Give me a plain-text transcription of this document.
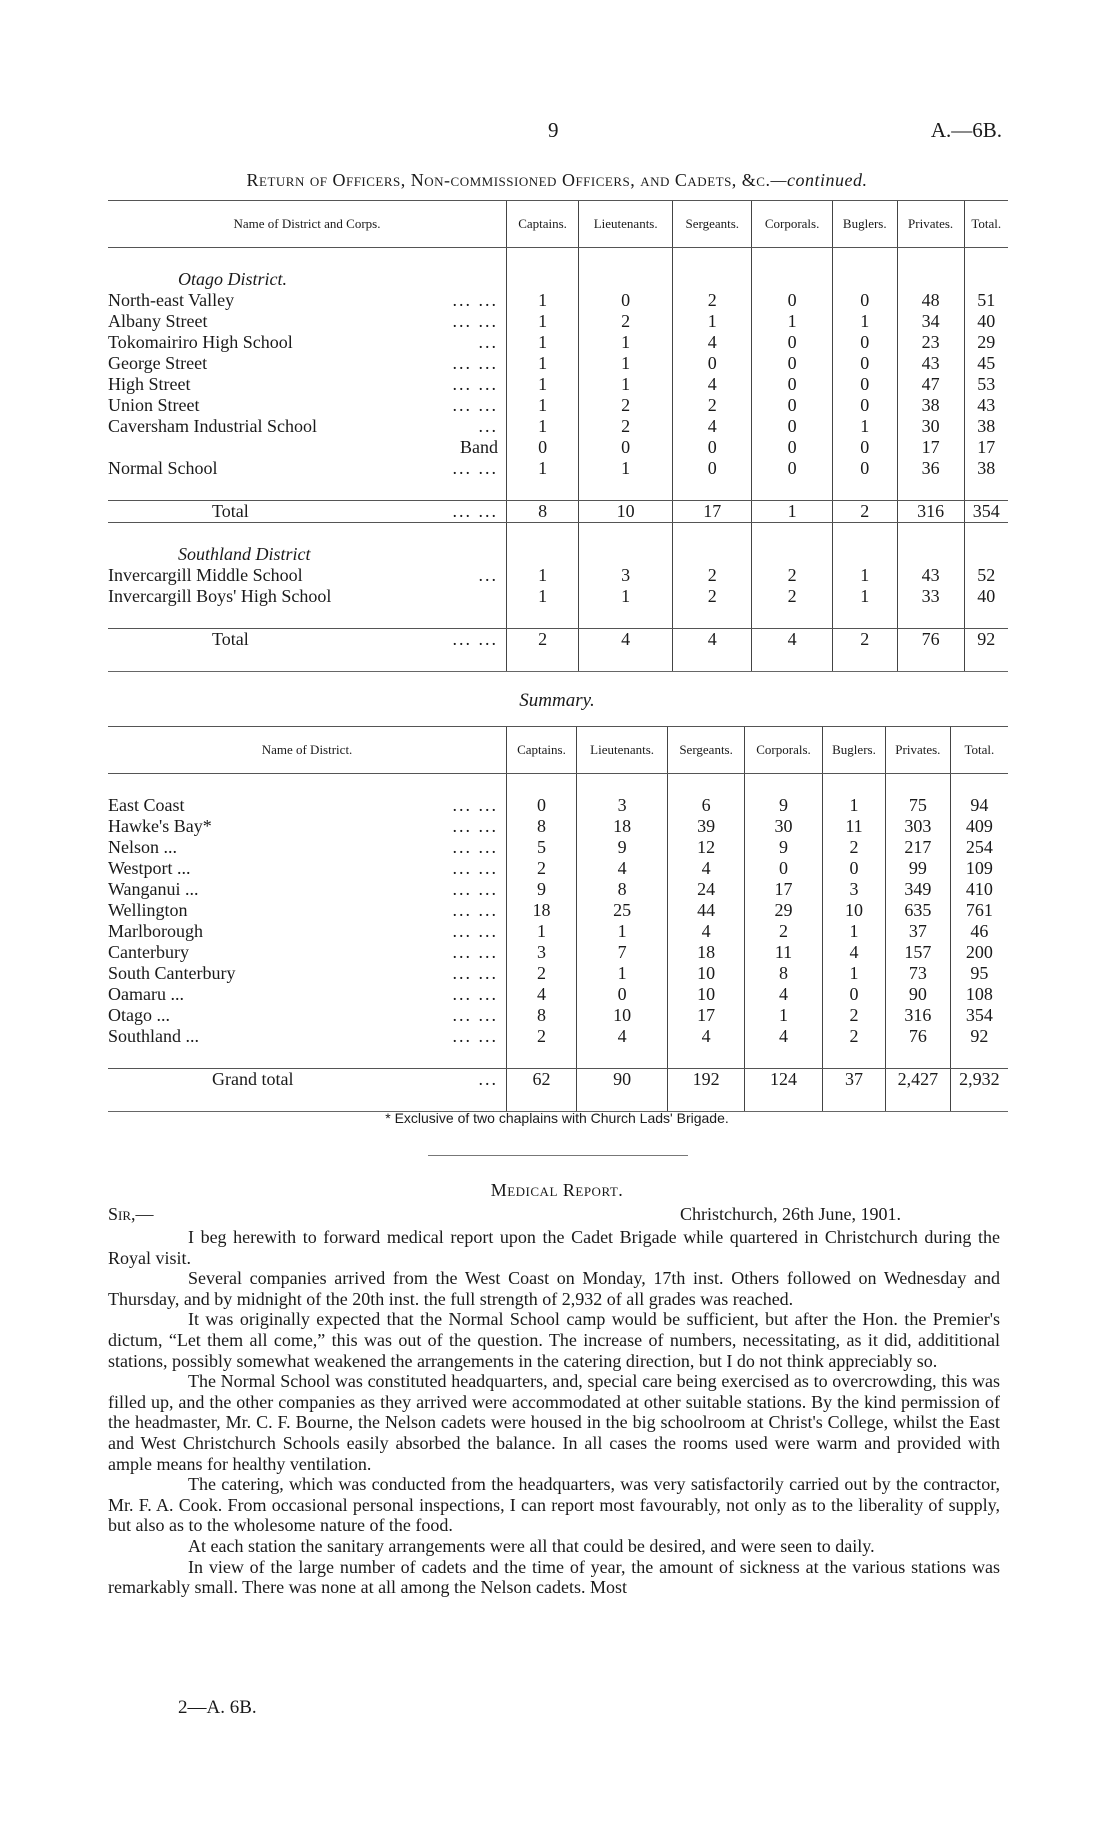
9	A.—6B.
Return of Officers, Non-commissioned Officers, and Cadets, &c.—continued.
Name of District and Corps.	Captains.	Lieutenants.	Sergeants.	Corporals.	Buglers.	Privates.	Total.

Otago District.							
North-east Valley ... ...	1	0	2	0	0	48	51
Albany Street ... ...	1	2	1	1	1	34	40
Tokomairiro High School ...	1	1	4	0	0	23	29
George Street ... ...	1	1	0	0	0	43	45
High Street ... ...	1	1	4	0	0	47	53
Union Street ... ...	1	2	2	0	0	38	43
Caversham Industrial School ...	1	2	4	0	1	30	38

Band	0	0	0	0	0	17	17
Normal School ... ...	1	1	0	0	0	36	38

Total ... ...	8	10	17	1	2	316	354

Southland District							
Invercargill Middle School ...	1	3	2	2	1	43	52
Invercargill Boys' High School	1	1	2	2	1	33	40

Total ... ...	2	4	4	4	2	76	92

Summary.
Name of District.	Captains.	Lieutenants.	Sergeants.	Corporals.	Buglers.	Privates.	Total.

East Coast ... ...	0	3	6	9	1	75	94
Hawke's Bay* ... ...	8	18	39	30	11	303	409
Nelson ... ... ...	5	9	12	9	2	217	254
Westport ... ... ...	2	4	4	0	0	99	109
Wanganui ... ... ...	9	8	24	17	3	349	410
Wellington ... ...	18	25	44	29	10	635	761
Marlborough ... ...	1	1	4	2	1	37	46
Canterbury ... ...	3	7	18	11	4	157	200
South Canterbury ... ...	2	1	10	8	1	73	95
Oamaru ... ... ...	4	0	10	4	0	90	108
Otago ... ... ...	8	10	17	1	2	316	354
Southland ... ... ...	2	4	4	4	2	76	92

Grand total ...	62	90	192	124	37	2,427	2,932

* Exclusive of two chaplains with Church Lads' Brigade.
Medical Report.
Sir,—	Christchurch, 26th June, 1901.

I beg herewith to forward medical report upon the Cadet Brigade while quartered in Christchurch during the Royal visit.

Several companies arrived from the West Coast on Monday, 17th inst. Others followed on Wednesday and Thursday, and by midnight of the 20th inst. the full strength of 2,932 of all grades was reached.

It was originally expected that the Normal School camp would be sufficient, but after the Hon. the Premier's dictum, “Let them all come,” this was out of the question. The increase of numbers, necessitating, as it did, addititional stations, possibly somewhat weakened the arrangements in the catering direction, but I do not think appreciably so.

The Normal School was constituted headquarters, and, special care being exercised as to overcrowding, this was filled up, and the other companies as they arrived were accommodated at other suitable stations. By the kind permission of the headmaster, Mr. C. F. Bourne, the Nelson cadets were housed in the big schoolroom at Christ's College, whilst the East and West Christchurch Schools easily absorbed the balance. In all cases the rooms used were warm and provided with ample means for healthy ventilation.

The catering, which was conducted from the headquarters, was very satisfactorily carried out by the contractor, Mr. F. A. Cook. From occasional personal inspections, I can report most favourably, not only as to the liberality of supply, but also as to the wholesome nature of the food.

At each station the sanitary arrangements were all that could be desired, and were seen to daily.

In view of the large number of cadets and the time of year, the amount of sickness at the various stations was remarkably small. There was none at all among the Nelson cadets. Most

2—A. 6B.
